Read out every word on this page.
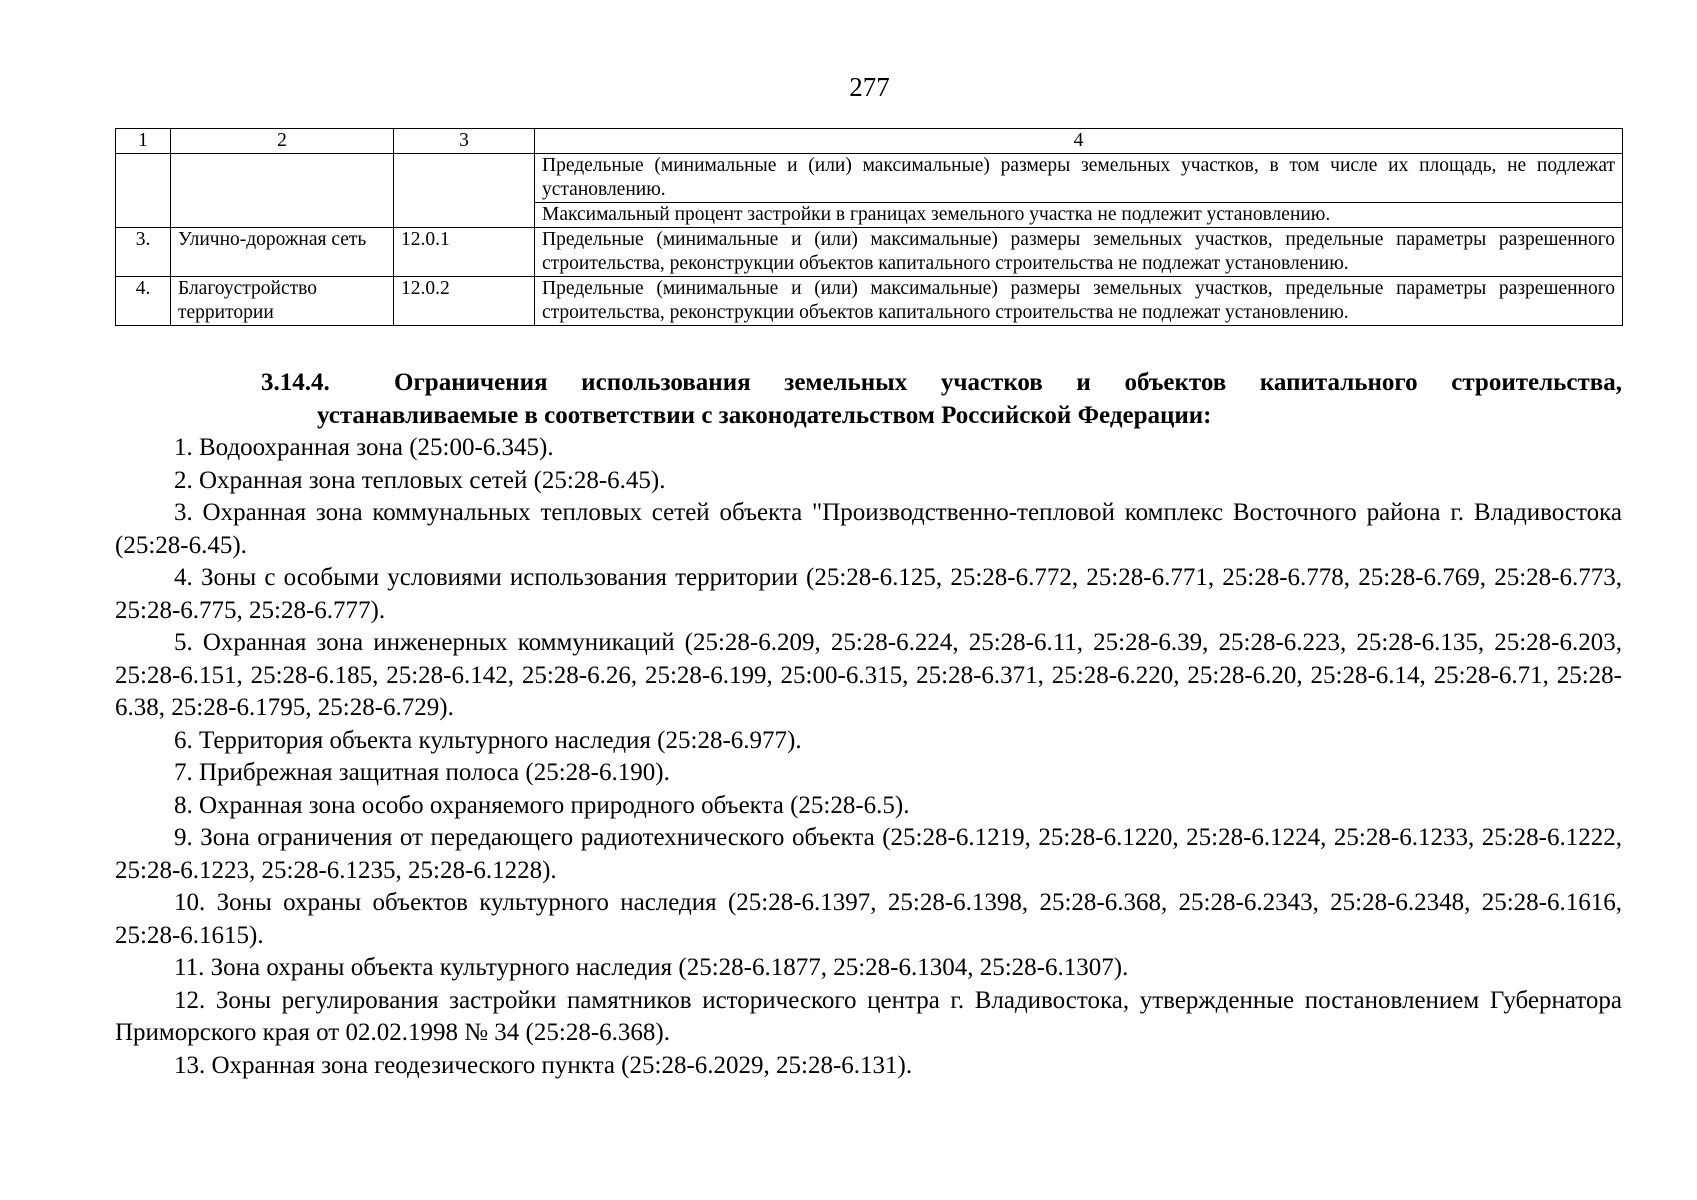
277
1	2	3	4
			Предельные (минимальные и (или) максимальные) размеры земельных участков, в том числе их площадь, не подлежат установлению.
			Максимальный процент застройки в границах земельного участка не подлежит установлению.
3.	Улично-дорожная сеть	12.0.1	Предельные (минимальные и (или) максимальные) размеры земельных участков, предельные параметры разрешенного строительства, реконструкции объектов капитального строительства не подлежат установлению.
4.	Благоустройство территории	12.0.2	Предельные (минимальные и (или) максимальные) размеры земельных участков, предельные параметры разрешенного строительства, реконструкции объектов капитального строительства не подлежат установлению.
3.14.4.	Ограничения использования земельных участков и объектов капитального строительства, устанавливаемые в соответствии с законодательством Российской Федерации:

1. Водоохранная зона (25:00-6.345).

2. Охранная зона тепловых сетей (25:28-6.45).

3. Охранная зона коммунальных тепловых сетей объекта "Производственно-тепловой комплекс Восточного района г. Владивостока (25:28-6.45).

4. Зоны с особыми условиями использования территории (25:28-6.125, 25:28-6.772, 25:28-6.771, 25:28-6.778, 25:28-6.769, 25:28-6.773, 25:28-6.775, 25:28-6.777).

5. Охранная зона инженерных коммуникаций (25:28-6.209, 25:28-6.224, 25:28-6.11, 25:28-6.39, 25:28-6.223, 25:28-6.135, 25:28-6.203, 25:28-6.151, 25:28-6.185, 25:28-6.142, 25:28-6.26, 25:28-6.199, 25:00-6.315, 25:28-6.371, 25:28-6.220, 25:28-6.20, 25:28-6.14, 25:28-6.71, 25:28-6.38, 25:28-6.1795, 25:28-6.729).

6. Территория объекта культурного наследия (25:28-6.977).

7. Прибрежная защитная полоса (25:28-6.190).

8. Охранная зона особо охраняемого природного объекта (25:28-6.5).

9. Зона ограничения от передающего радиотехнического объекта (25:28-6.1219, 25:28-6.1220, 25:28-6.1224, 25:28-6.1233, 25:28-6.1222, 25:28-6.1223, 25:28-6.1235, 25:28-6.1228).

10. Зоны охраны объектов культурного наследия (25:28-6.1397, 25:28-6.1398, 25:28-6.368, 25:28-6.2343, 25:28-6.2348, 25:28-6.1616, 25:28-6.1615).

11. Зона охраны объекта культурного наследия (25:28-6.1877, 25:28-6.1304, 25:28-6.1307).

12. Зоны регулирования застройки памятников исторического центра г. Владивостока, утвержденные постановлением Губернатора Приморского края от 02.02.1998 № 34 (25:28-6.368).

13. Охранная зона геодезического пункта (25:28-6.2029, 25:28-6.131).
